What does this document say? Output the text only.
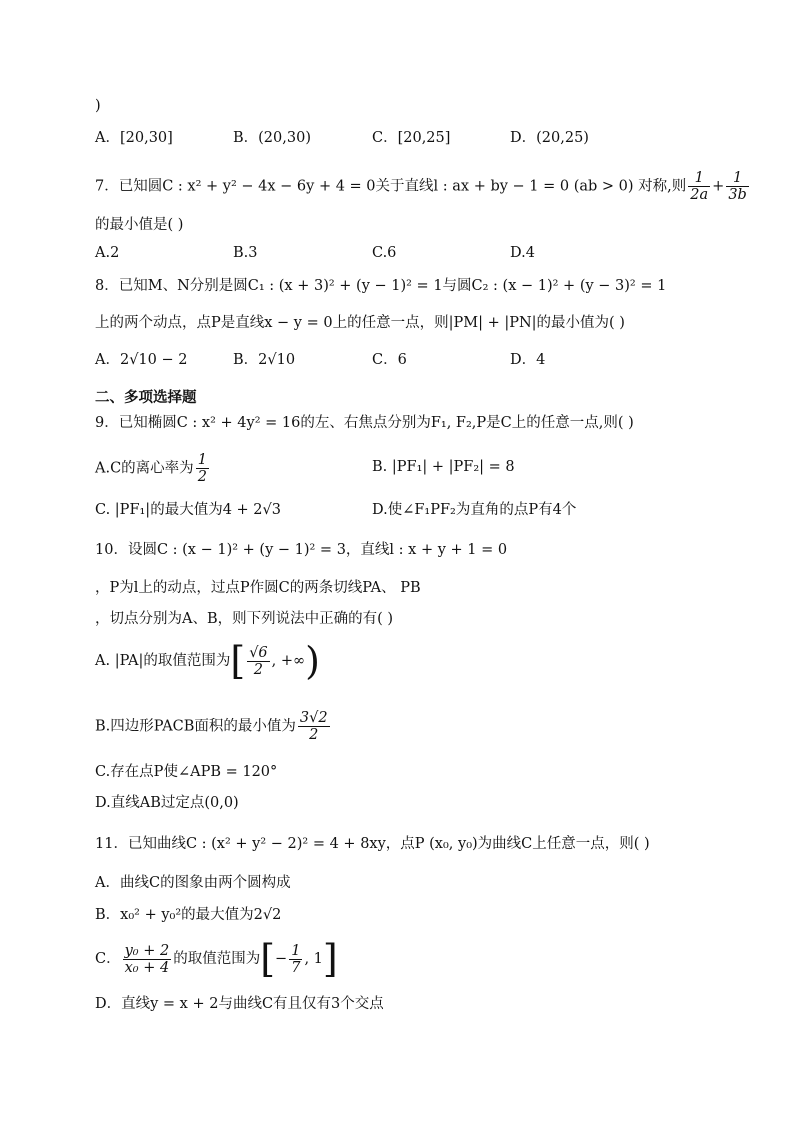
)
A．[20,30]	B．(20,30)	C．[20,25]	D．(20,25)
7．已知圆C : x² + y² − 4x − 6y + 4 = 0关于直线l : ax + by − 1 = 0 (ab > 0) 对称,则 $\frac{1}{2a} + \frac{1}{3b}$
的最小值是( )
A.2	B.3	C.6	D.4
8．已知M、N分别是圆C₁ : (x + 3)² + (y − 1)² = 1与圆C₂ : (x − 1)² + (y − 3)² = 1
上的两个动点，点P是直线x − y = 0上的任意一点，则|PM| + |PN|的最小值为( )
A．2√10 − 2	B．2√10	C．6	D．4
二、多项选择题
9．已知椭圆C : x² + 4y² = 16的左、右焦点分别为F₁, F₂,P是C上的任意一点,则( )
A.C的离心率为 $\frac{1}{2}$	B. |PF₁| + |PF₂| = 8
C. |PF₁|的最大值为4 + 2√3	D.使∠F₁PF₂为直角的点P有4个
10．设圆C : (x − 1)² + (y − 1)² = 3，直线l : x + y + 1 = 0
，P为l上的动点，过点P作圆C的两条切线PA、 PB
，切点分别为A、B，则下列说法中正确的有( )
A. |PA|的取值范围为[ $\frac{√6}{2}$ , +∞)
B.四边形PACB面积的最小值为 $\frac{3√2}{2}$
C.存在点P使∠APB = 120°
D.直线AB过定点(0,0)
11．已知曲线C : (x² + y² − 2)² = 4 + 8xy，点P (x₀, y₀)为曲线C上任意一点，则( )
A．曲线C的图象由两个圆构成
B．x₀² + y₀²的最大值为2√2
C． $\frac{\text{y₀ + 2}}{\text{x₀ + 4}}$ 的取值范围为[− $\frac{1}{7}$ , 1]
D．直线y = x + 2与曲线C有且仅有3个交点
